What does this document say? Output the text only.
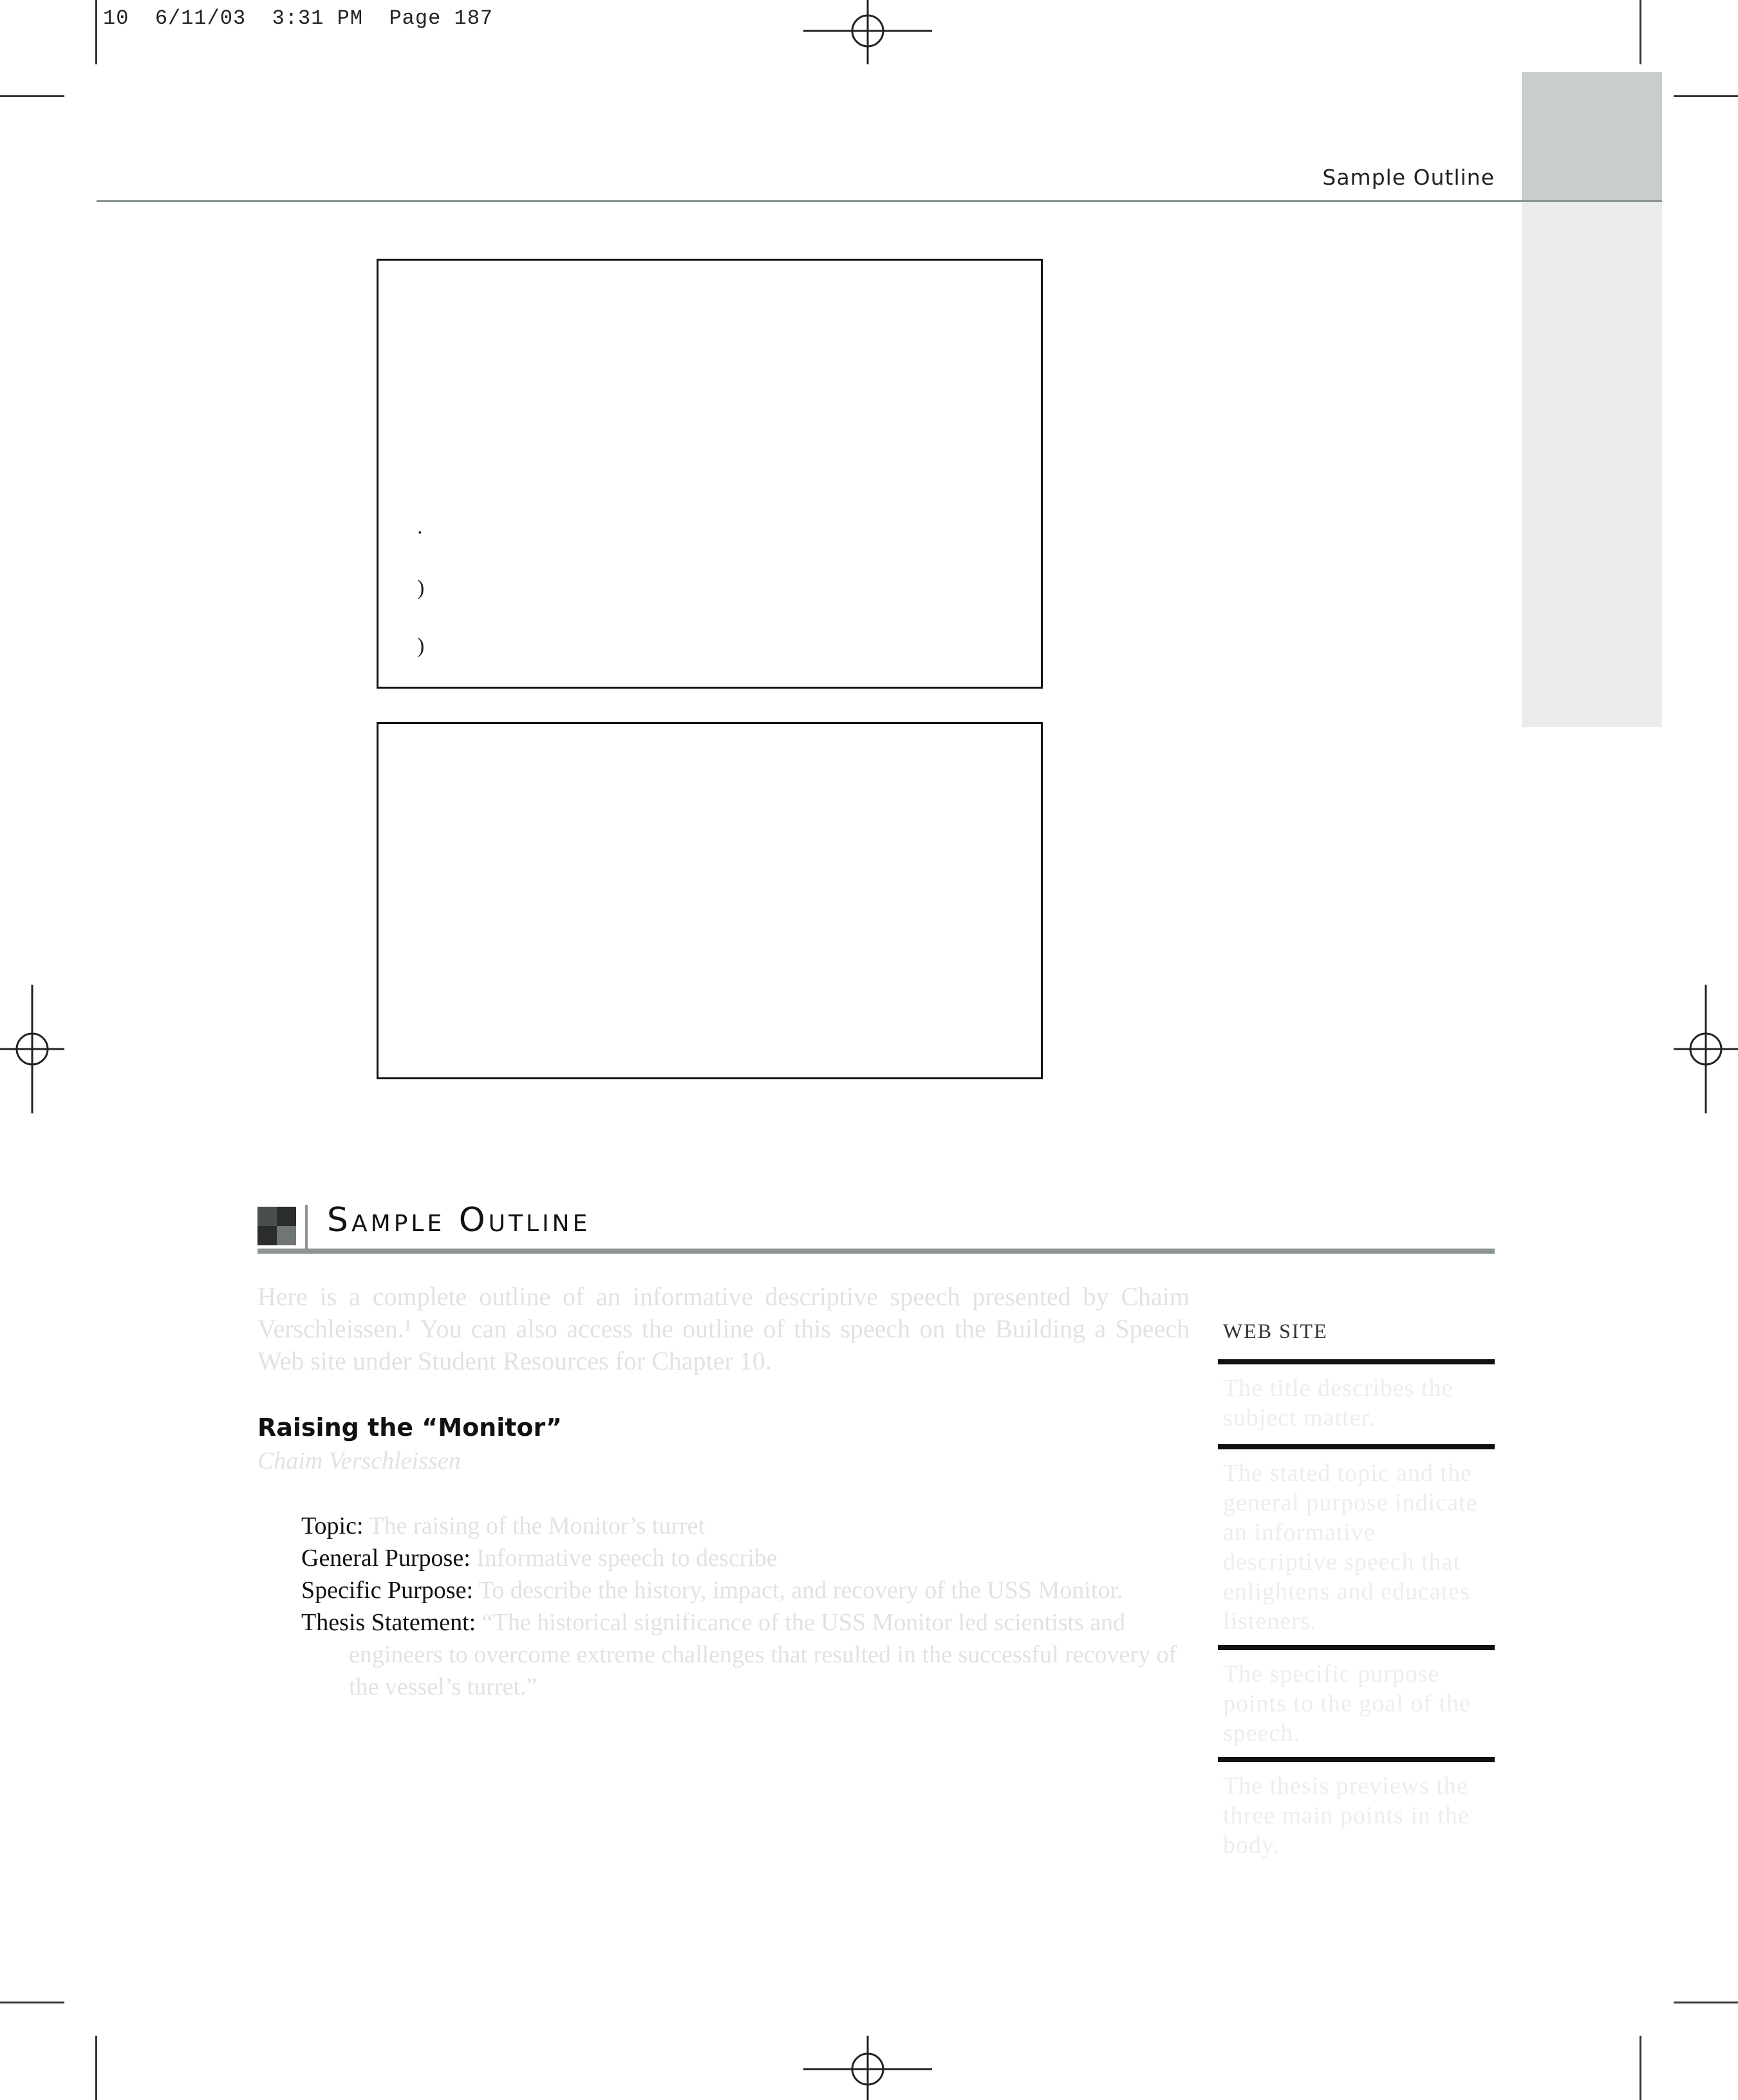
10  6/11/03  3:31 PM  Page 187
Sample Outline
.
)
)
Sample Outline
Here is a complete outline of an informative descriptive speech presented by Chaim Verschleissen.¹ You can also access the outline of this speech on the Building a Speech Web site under Student Resources for Chapter 10.
Raising the “Monitor”
Chaim Verschleissen
Topic: The raising of the Monitor’s turret
General Purpose: Informative speech to describe
Specific Purpose: To describe the history, impact, and recovery of the USS Monitor.
Thesis Statement: “The historical significance of the USS Monitor led scientists and engineers to overcome extreme challenges that resulted in the successful recovery of the vessel’s turret.”
WEB SITE
The title describes the subject matter.
The stated topic and the general purpose indicate an informative descriptive speech that enlightens and educates listeners.
The specific purpose points to the goal of the speech.
The thesis previews the three main points in the body.
